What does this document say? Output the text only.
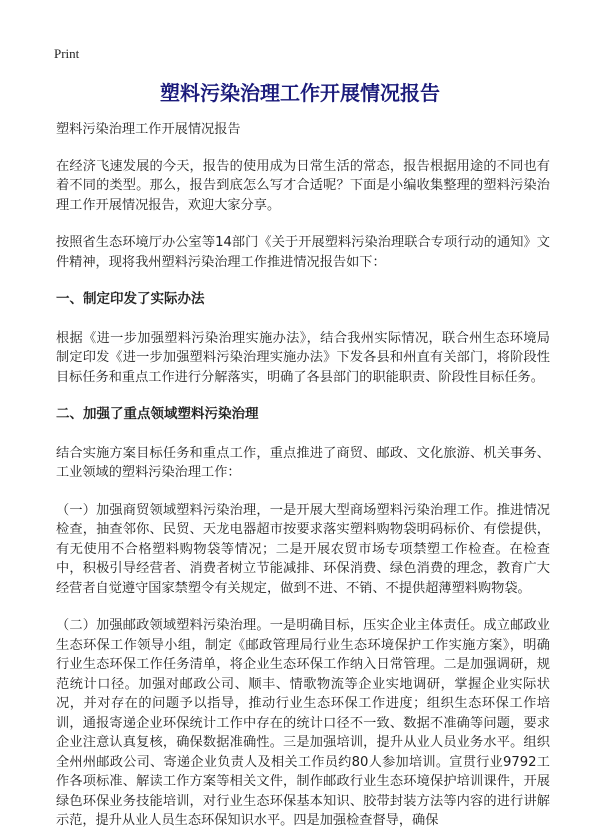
Print
塑料污染治理工作开展情况报告

塑料污染治理工作开展情况报告

在经济飞速发展的今天，报告的使用成为日常生活的常态，报告根据用途的不同也有着不同的类型。那么，报告到底怎么写才合适呢？下面是小编收集整理的塑料污染治理工作开展情况报告，欢迎大家分享。

按照省生态环境厅办公室等14部门《关于开展塑料污染治理联合专项行动的通知》文件精神，现将我州塑料污染治理工作推进情况报告如下：

一、制定印发了实际办法

根据《进一步加强塑料污染治理实施办法》，结合我州实际情况，联合州生态环境局制定印发《进一步加强塑料污染治理实施办法》下发各县和州直有关部门，将阶段性目标任务和重点工作进行分解落实，明确了各县部门的职能职责、阶段性目标任务。

二、加强了重点领域塑料污染治理

结合实施方案目标任务和重点工作，重点推进了商贸、邮政、文化旅游、机关事务、工业领域的塑料污染治理工作：

（一）加强商贸领域塑料污染治理，一是开展大型商场塑料污染治理工作。推进情况检查，抽查邻你、民贸、天龙电器超市按要求落实塑料购物袋明码标价、有偿提供，有无使用不合格塑料购物袋等情况；二是开展农贸市场专项禁塑工作检查。在检查中，积极引导经营者、消费者树立节能减排、环保消费、绿色消费的理念，教育广大经营者自觉遵守国家禁塑令有关规定，做到不进、不销、不提供超薄塑料购物袋。

（二）加强邮政领域塑料污染治理。一是明确目标，压实企业主体责任。成立邮政业生态环保工作领导小组，制定《邮政管理局行业生态环境保护工作实施方案》，明确行业生态环保工作任务清单，将企业生态环保工作纳入日常管理。二是加强调研，规范统计口径。加强对邮政公司、顺丰、情歌物流等企业实地调研，掌握企业实际状况，并对存在的问题予以指导，推动行业生态环保工作进度；组织生态环保工作培训，通报寄递企业环保统计工作中存在的统计口径不一致、数据不准确等问题，要求企业注意认真复核，确保数据准确性。三是加强培训，提升从业人员业务水平。组织全州州邮政公司、寄递企业负责人及相关工作员约80人参加培训。宣贯行业9792工作各项标准、解读工作方案等相关文件，制作邮政行业生态环境保护培训课件，开展绿色环保业务技能培训，对行业生态环保基本知识、胶带封装方法等内容的进行讲解示范，提升从业人员生态环保知识水平。四是加强检查督导，确保
